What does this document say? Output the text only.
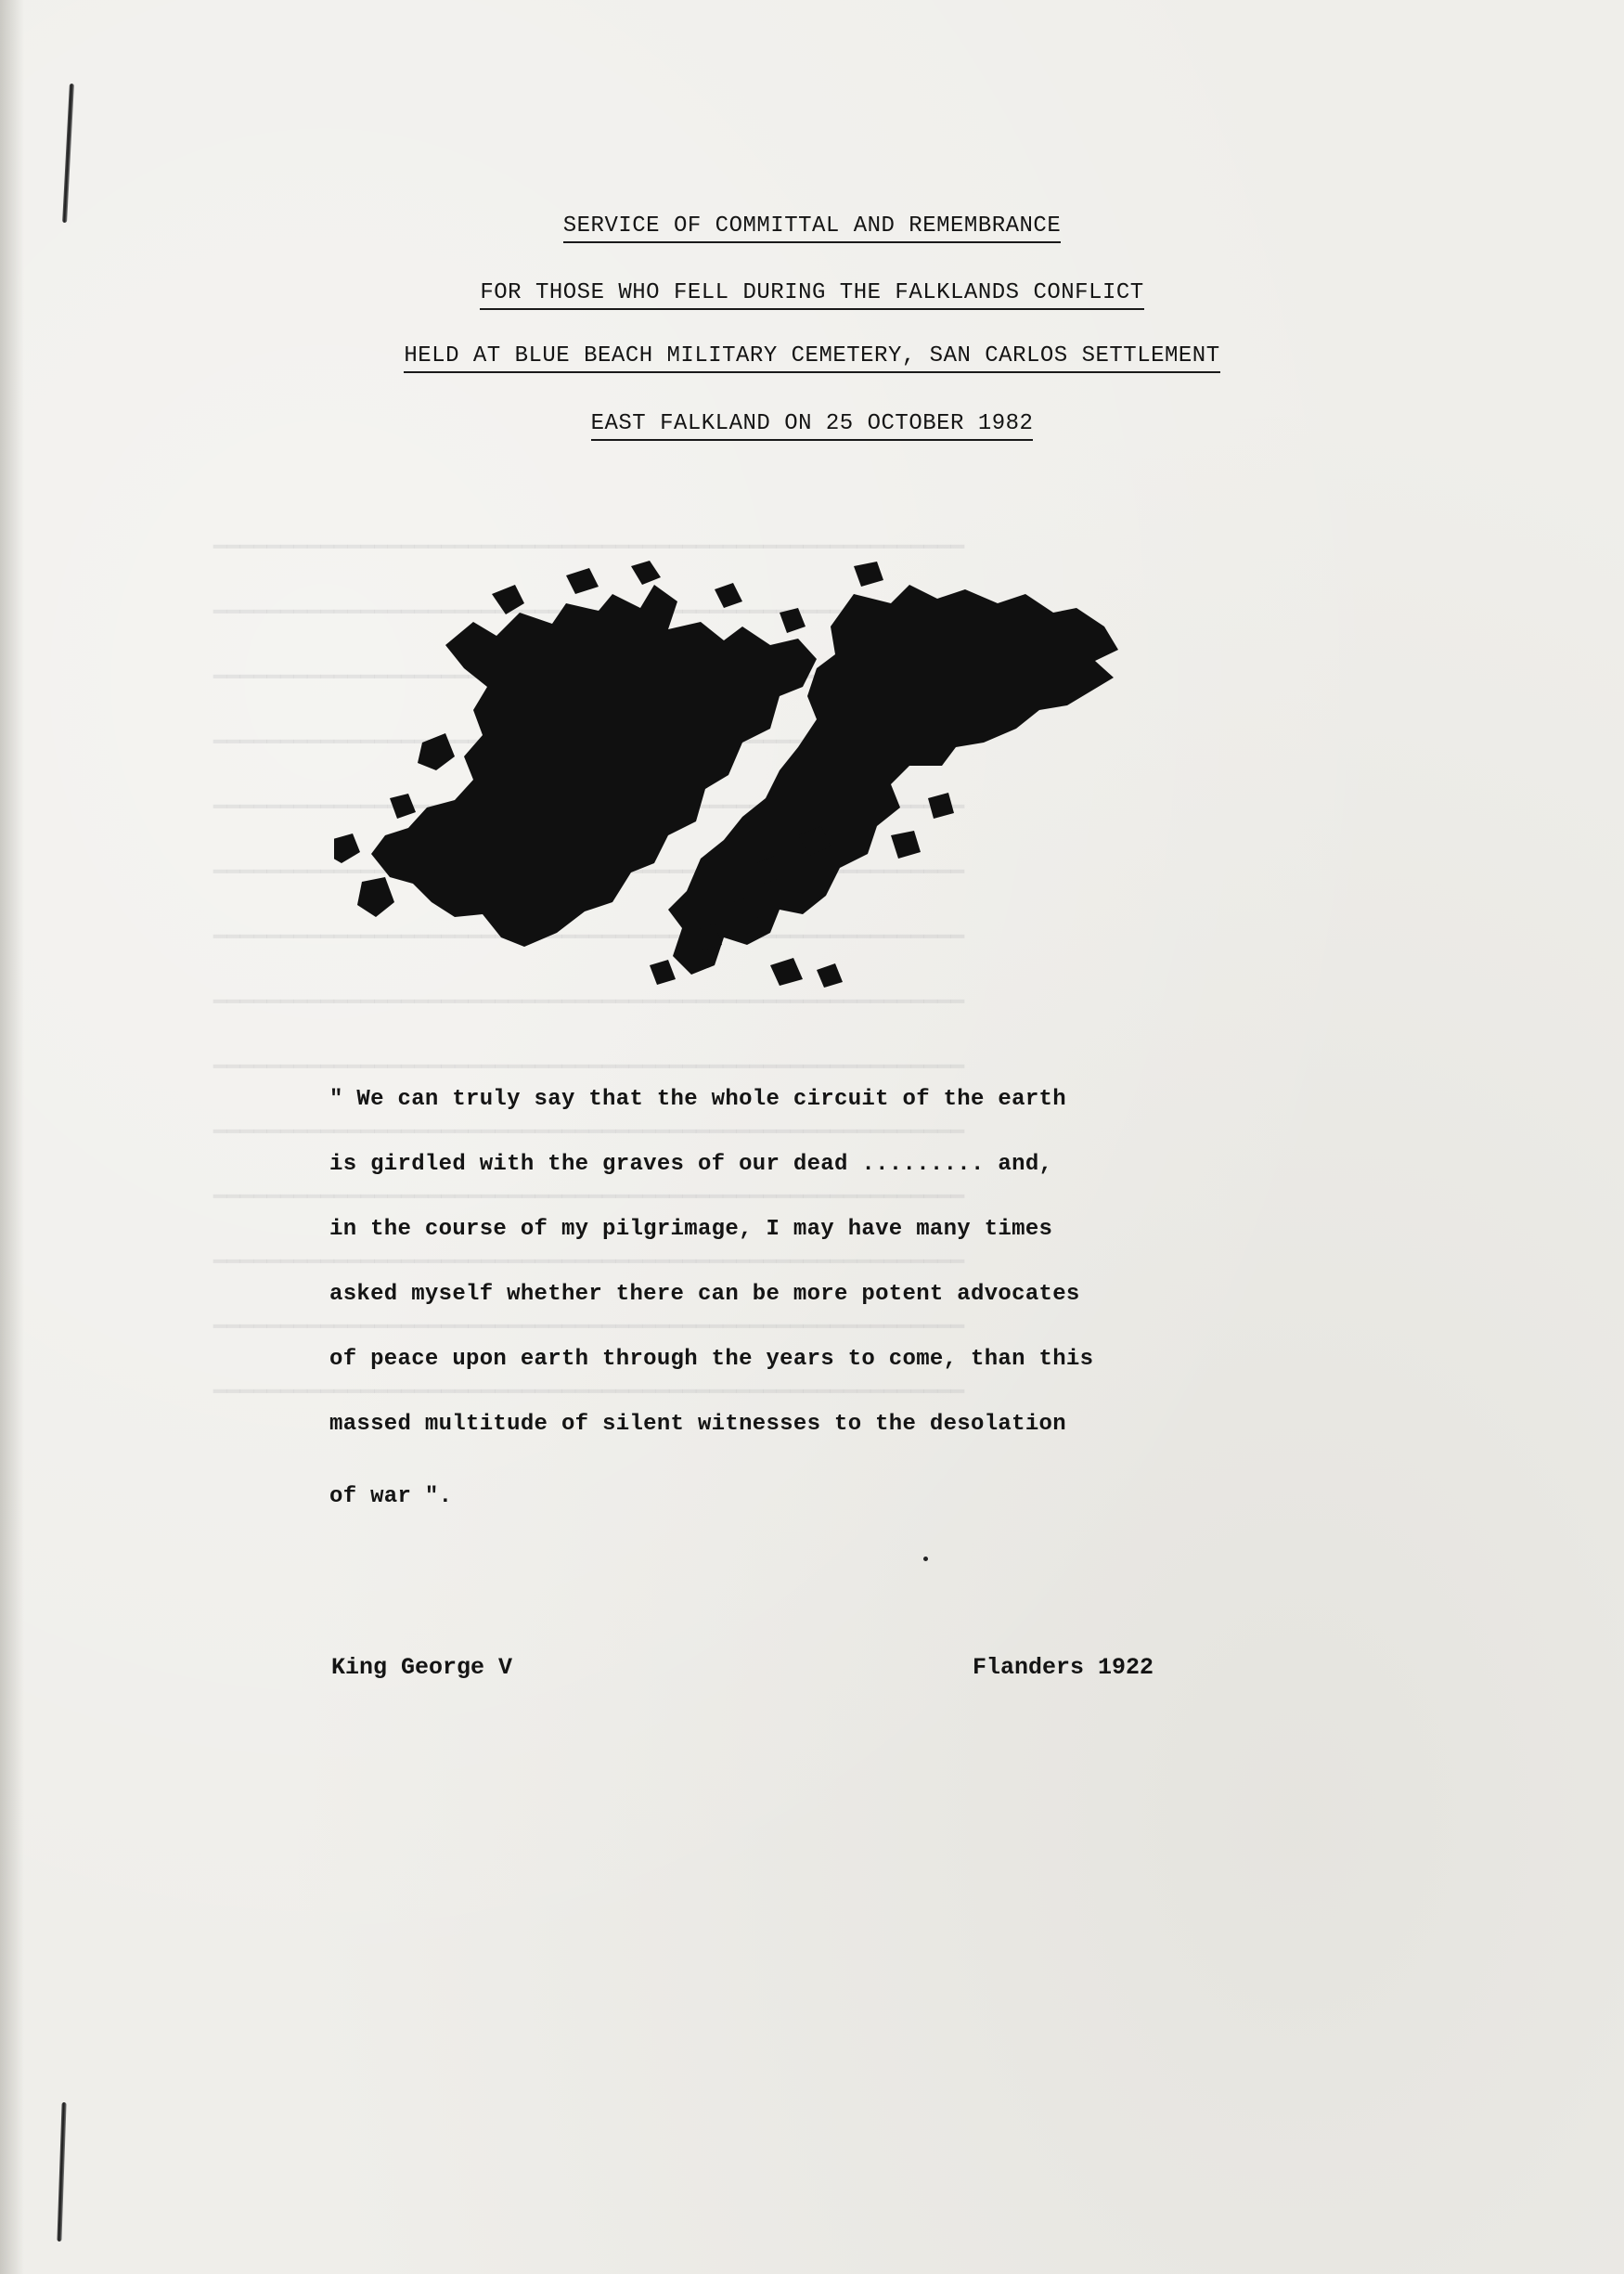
━━━━━━━━━━━━━━━━━━━━━━━━━━━━━━━━━━━━━━━━━━━━━━━━━━━━━━━━
━━━━━━━━━━━━━━━━━━━━━━━━━━━━━━━━━━━━━━━━━━━━━━━━━━━━━━━━
━━━━━━━━━━━━━━━━━━━━━━━━━━━━━━━━━━━━━━━━━━━━━━━━━━━━━━━━
━━━━━━━━━━━━━━━━━━━━━━━━━━━━━━━━━━━━━━━━━━━━━━━━━━━━━━━━
━━━━━━━━━━━━━━━━━━━━━━━━━━━━━━━━━━━━━━━━━━━━━━━━━━━━━━━━
━━━━━━━━━━━━━━━━━━━━━━━━━━━━━━━━━━━━━━━━━━━━━━━━━━━━━━━━
━━━━━━━━━━━━━━━━━━━━━━━━━━━━━━━━━━━━━━━━━━━━━━━━━━━━━━━━
━━━━━━━━━━━━━━━━━━━━━━━━━━━━━━━━━━━━━━━━━━━━━━━━━━━━━━━━
━━━━━━━━━━━━━━━━━━━━━━━━━━━━━━━━━━━━━━━━━━━━━━━━━━━━━━━━
SERVICE OF COMMITTAL AND REMEMBRANCE
FOR THOSE WHO FELL DURING THE FALKLANDS CONFLICT
HELD AT BLUE BEACH MILITARY CEMETERY, SAN CARLOS SETTLEMENT
EAST FALKLAND ON 25 OCTOBER 1982
" We can truly say that the whole circuit of the earth
is girdled with the graves of our dead ......... and,
in the course of my pilgrimage, I may have many times
asked myself whether there can be more potent advocates
of peace upon earth through the years to come, than this
massed multitude of silent witnesses to the desolation
of war ".
King George V	Flanders 1922
